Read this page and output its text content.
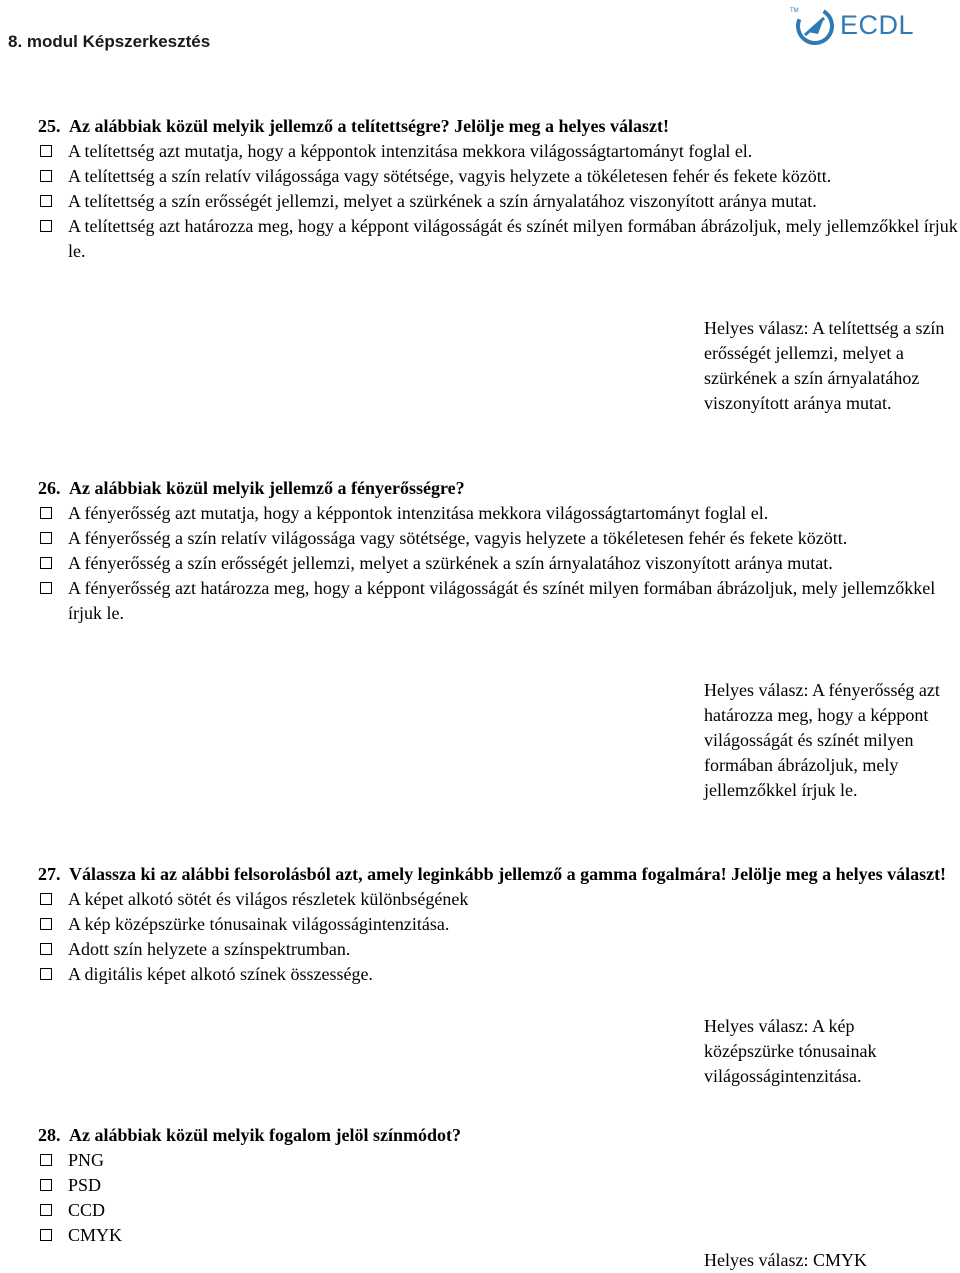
8. modul Képszerkesztés
TM ECDL
25. Az alábbiak közül melyik jellemző a telítettségre? Jelölje meg a helyes választ!
A telítettség azt mutatja, hogy a képpontok intenzitása mekkora világosságtartományt foglal el.
A telítettség a szín relatív világossága vagy sötétsége, vagyis helyzete a tökéletesen fehér és fekete között.
A telítettség a szín erősségét jellemzi, melyet a szürkének a szín árnyalatához viszonyított aránya mutat.
A telítettség azt határozza meg, hogy a képpont világosságát és színét milyen formában ábrázoljuk, mely jellemzőkkel írjuk le.
Helyes válasz: A telítettség a szín erősségét jellemzi, melyet a szürkének a szín árnyalatához viszonyított aránya mutat.
26. Az alábbiak közül melyik jellemző a fényerősségre?
A fényerősség azt mutatja, hogy a képpontok intenzitása mekkora világosságtartományt foglal el.
A fényerősség a szín relatív világossága vagy sötétsége, vagyis helyzete a tökéletesen fehér és fekete között.
A fényerősség a szín erősségét jellemzi, melyet a szürkének a szín árnyalatához viszonyított aránya mutat.
A fényerősség azt határozza meg, hogy a képpont világosságát és színét milyen formában ábrázoljuk, mely jellemzőkkel írjuk le.
Helyes válasz: A fényerősség azt határozza meg, hogy a képpont világosságát és színét milyen formában ábrázoljuk, mely jellemzőkkel írjuk le.
27. Válassza ki az alábbi felsorolásból azt, amely leginkább jellemző a gamma fogalmára! Jelölje meg a helyes választ!
A képet alkotó sötét és világos részletek különbségének
A kép középszürke tónusainak világosságintenzitása.
Adott szín helyzete a színspektrumban.
A digitális képet alkotó színek összessége.
Helyes válasz: A kép középszürke tónusainak világosságintenzitása.
28. Az alábbiak közül melyik fogalom jelöl színmódot?
PNG
PSD
CCD
CMYK
Helyes válasz: CMYK
